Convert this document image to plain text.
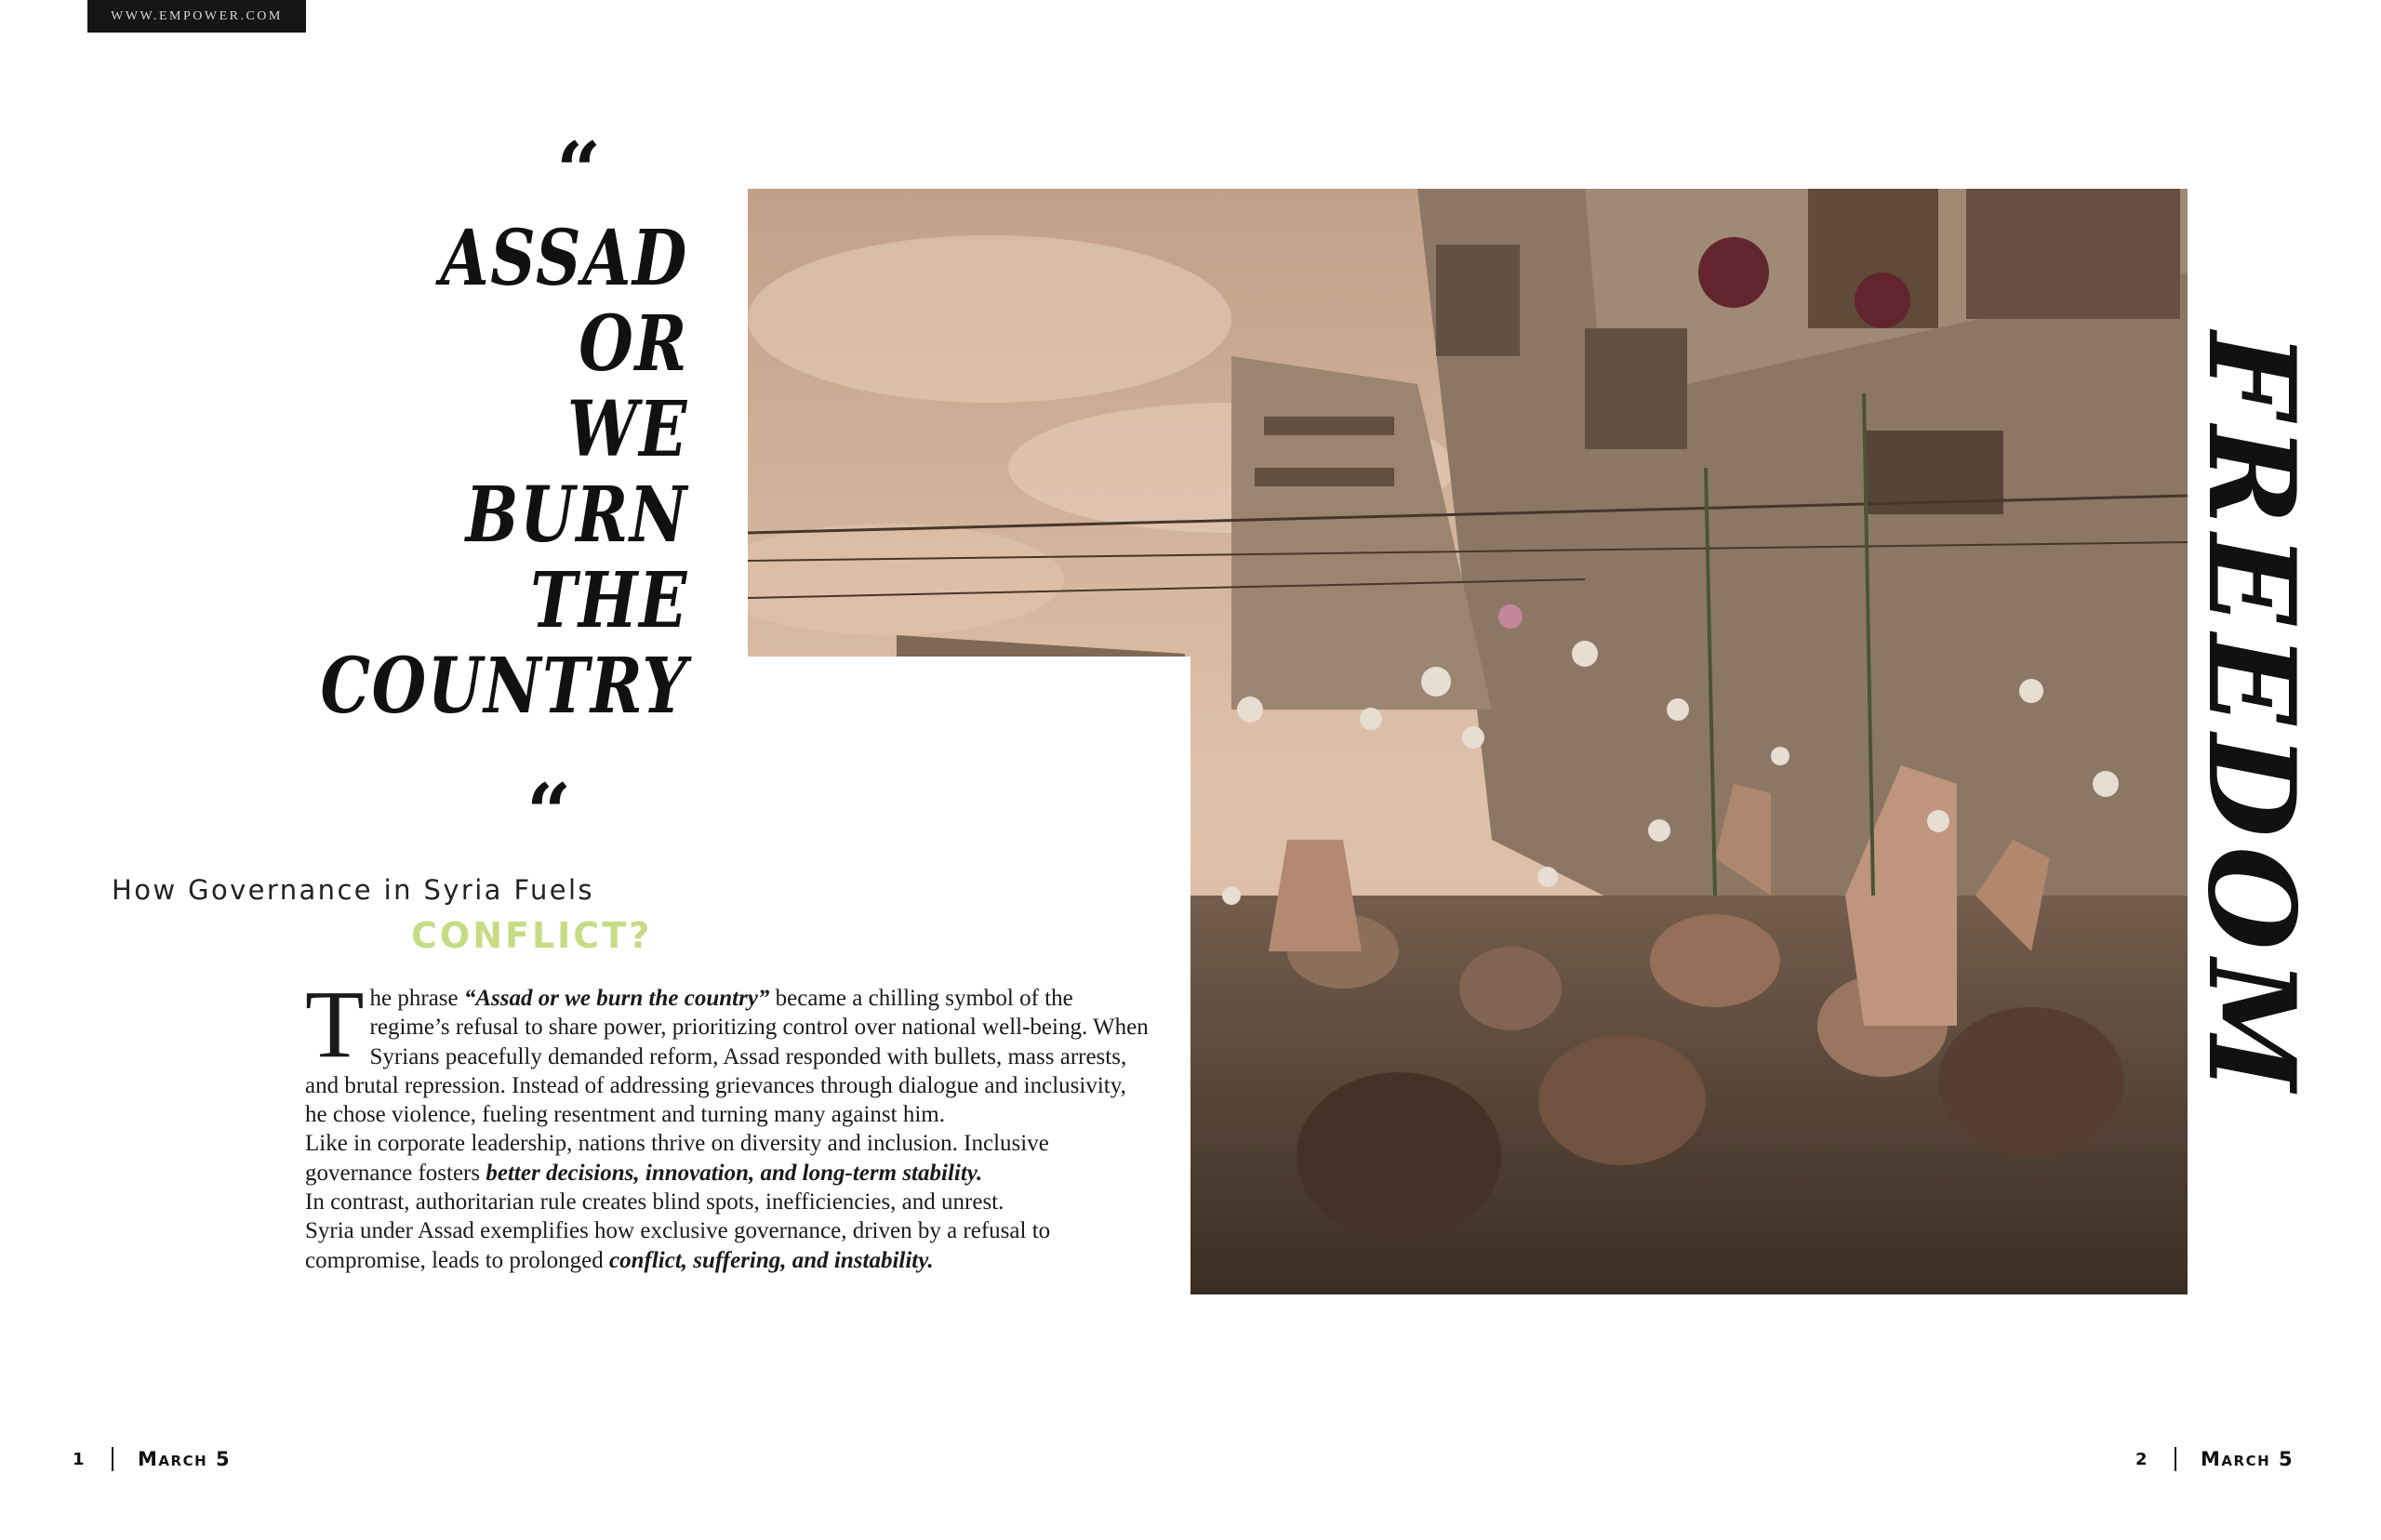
WWW.EMPOWER.COM
“
ASSAD
OR
WE
BURN
THE
COUNTRY
“
How Governance in Syria Fuels
CONFLICT?	FREEDOM

The phrase “Assad or we burn the country” became a chilling symbol of the regime’s refusal to share power, prioritizing control over national well-being. When Syrians peacefully demanded reform, Assad responded with bullets, mass arrests, and brutal repression. Instead of addressing grievances through dialogue and inclusivity, he chose violence, fueling resentment and turning many against him.

Like in corporate leadership, nations thrive on diversity and inclusion. Inclusive governance fosters better decisions, innovation, and long-term stability.

In contrast, authoritarian rule creates blind spots, inefficiencies, and unrest.

Syria under Assad exemplifies how exclusive governance, driven by a refusal to compromise, leads to prolonged conflict, suffering, and instability.

1	March 5	2	March 5
